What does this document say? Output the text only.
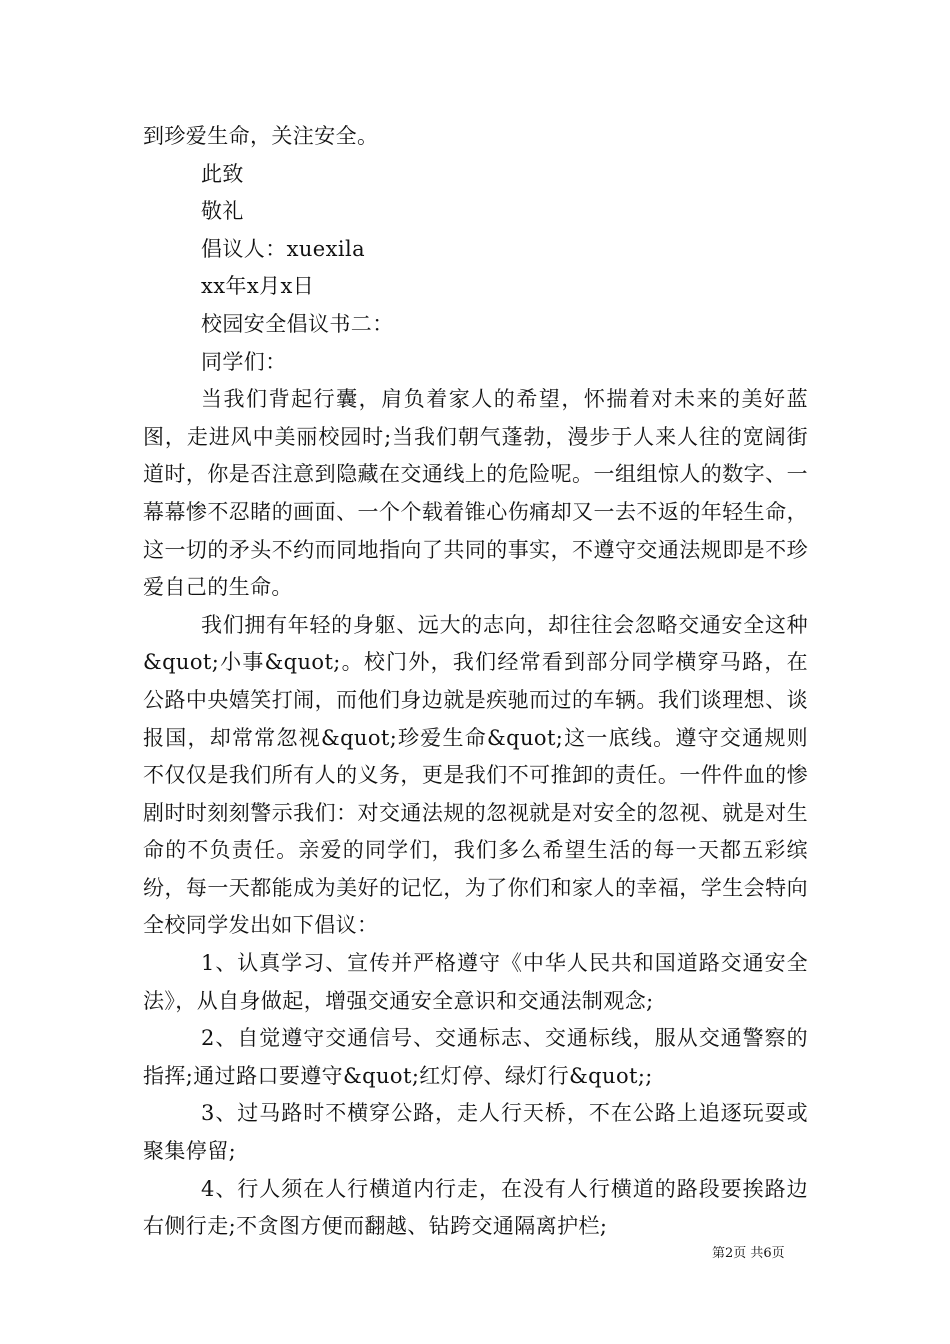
到珍爱生命，关注安全。

此致

敬礼

倡议人：xuexila

xx年x月x日

校园安全倡议书二：

同学们：

当我们背起行囊，肩负着家人的希望，怀揣着对未来的美好蓝图，走进风中美丽校园时;当我们朝气蓬勃，漫步于人来人往的宽阔街道时，你是否注意到隐藏在交通线上的危险呢。一组组惊人的数字、一幕幕惨不忍睹的画面、一个个载着锥心伤痛却又一去不返的年轻生命，这一切的矛头不约而同地指向了共同的事实，不遵守交通法规即是不珍爱自己的生命。

我们拥有年轻的身躯、远大的志向，却往往会忽略交通安全这种&quot;小事&quot;。校门外，我们经常看到部分同学横穿马路，在公路中央嬉笑打闹，而他们身边就是疾驰而过的车辆。我们谈理想、谈报国，却常常忽视&quot;珍爱生命&quot;这一底线。遵守交通规则不仅仅是我们所有人的义务，更是我们不可推卸的责任。一件件血的惨剧时时刻刻警示我们：对交通法规的忽视就是对安全的忽视、就是对生命的不负责任。亲爱的同学们，我们多么希望生活的每一天都五彩缤纷，每一天都能成为美好的记忆，为了你们和家人的幸福，学生会特向全校同学发出如下倡议：

1、认真学习、宣传并严格遵守《中华人民共和国道路交通安全法》，从自身做起，增强交通安全意识和交通法制观念;

2、自觉遵守交通信号、交通标志、交通标线，服从交通警察的指挥;通过路口要遵守&quot;红灯停、绿灯行&quot;;

3、过马路时不横穿公路，走人行天桥，不在公路上追逐玩耍或聚集停留;

4、行人须在人行横道内行走，在没有人行横道的路段要挨路边右侧行走;不贪图方便而翻越、钻跨交通隔离护栏;

第2页 共6页
